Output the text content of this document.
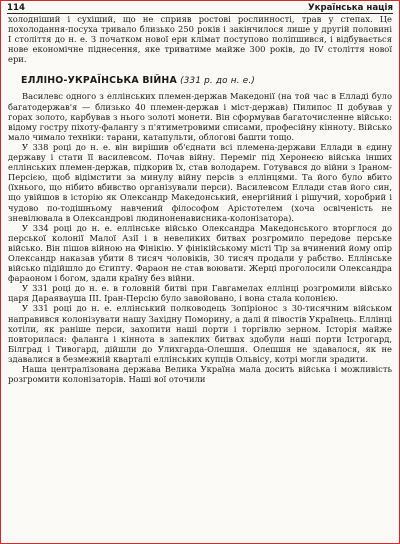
114	Українська нація

холодніший і сухіший, що не сприяв ростові рослинності, трав у степах. Це похолодання-посуха тривало близько 250 років і закінчилося лише у другій половині I століття до н. е. З початком нової ери клімат поступово поліпшився, і відбувається нове економічне піднесення, яке триватиме майже 300 років, до IV століття нової ери.

ЕЛЛІНО-УКРАЇНСЬКА ВІЙНА (331 р. до н. е.)

Василевс одного з еллінських племен-держав Македонії (на той час в Елладі було багатодержав'я — близько 40 племен-держав і міст-держав) Пилипос II добував у горах золото, карбував з нього золоті монети. Він сформував багаточисленне військо: відому гостру піхоту-фалангу з п'ятиметровими списами, професійну кінноту. Військо мало чимало техніки: тарани, катапульти, облогові башти тощо.

У 338 році до н. е. він вирішив об'єднати всі племена-держави Еллади в єдину державу і стати її василевсом. Почав війну. Переміг під Херонеєю війська інших еллінських племен-держав, підкорив їх, став володарем. Готувався до війни з Іраном-Персією, щоб відімстити за минулу війну персів з еллінцями. Та його було вбито (їхнього, що нібито вбивство організували перси). Василевсом Еллади став його син, що увійшов в історію як Олександр Македонський, енергійний і рішучий, хоробрий і чудово по-тодішньому навчений філософом Арістотелем (хоча освіченість не зневілювала в Олександрові людиноненависника-колонізатора).

У 334 році до н. е. еллінське військо Олександра Македонського вторглося до перської колонії Малої Азії і в невеликих битвах розгромило передове перське військо. Він пішов війною на Фінікію. У фінікійському місті Тір за вчинений йому опір Олександр наказав убити 8 тисяч чоловіків, 30 тисяч продали у рабство. Еллінське військо підійшло до Єгипту. Фараон не став воювати. Жерці проголосили Олександра фараоном і богом, здали країну без війни.

У 331 році до н. е. в головній битві при Гавгамелах еллінці розгромили військо царя Дараявауша III. Іран-Персію було завойовано, і вона стала колонією.

У 331 році до н. е. еллінський полководець Зопіріонос з 30-тисячним військом направився колонізувати нашу Західну Поморину, а далі й півостів Українець. Еллінці хотіли, як раніше перси, захопити наші порти і торгівлю зерном. Історія майже повторилася: фаланга і кіннота в запеклих битвах здобули наші порти Істрогард, Білград і Тивогард, дійшли до Улихгарда-Олешшя. Олешшя не здавалося, як не здавалися в безмежній кварталі еллінських купців Ольвісу, котрі могли зрадити.

Наша централізована держава Велика Україна мала досить війська і можливість розгромити колонізаторів. Наші вої оточили
